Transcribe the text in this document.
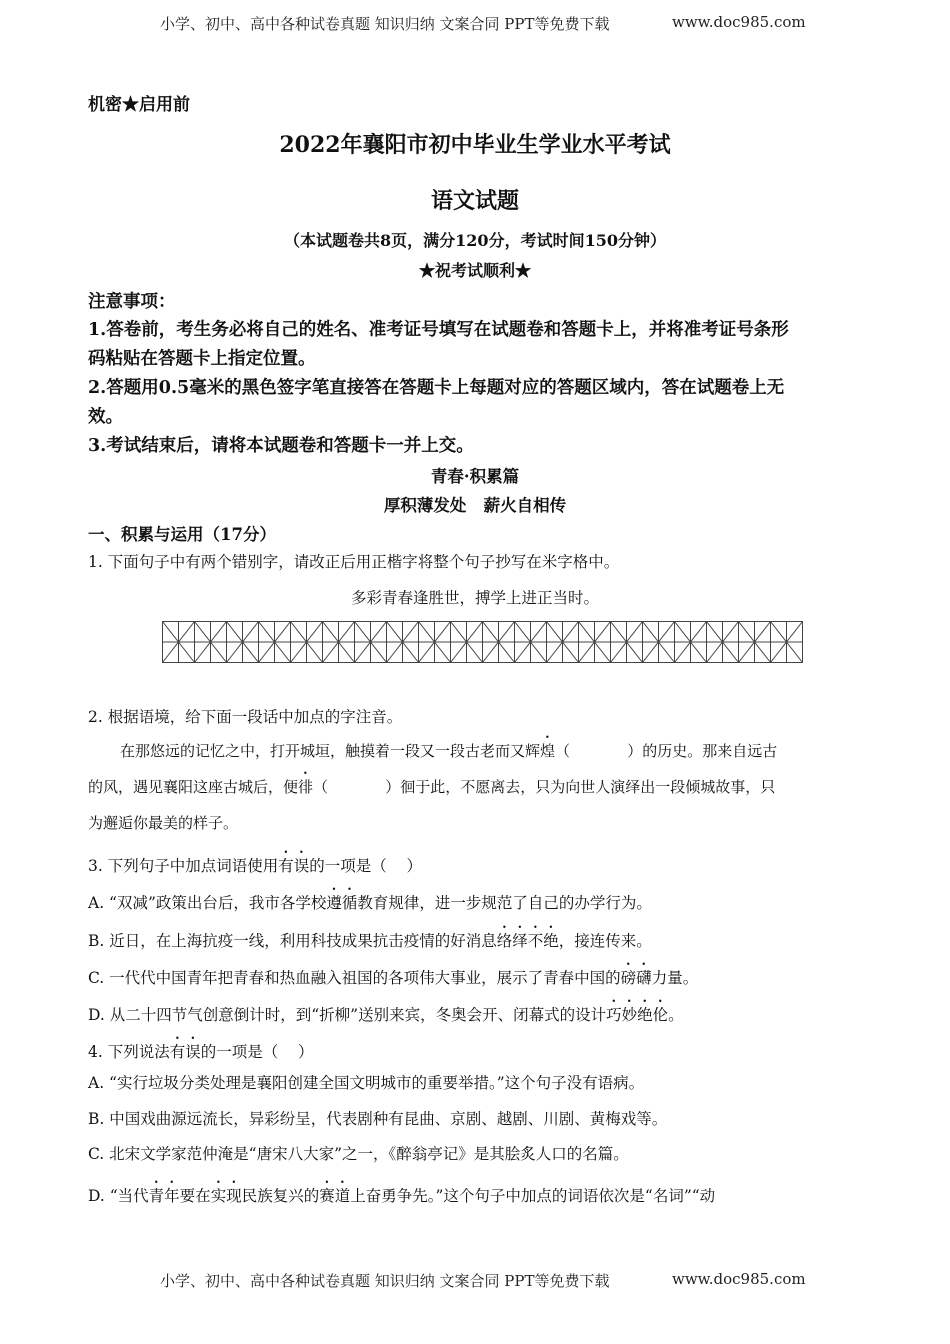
小学、初中、高中各种试卷真题 知识归纳 文案合同 PPT等免费下载	www.doc985.com
机密★启用前
2022年襄阳市初中毕业生学业水平考试
语文试题
（本试题卷共8页，满分120分，考试时间150分钟）
★祝考试顺利★
注意事项：
1.答卷前，考生务必将自己的姓名、准考证号填写在试题卷和答题卡上，并将准考证号条形
码粘贴在答题卡上指定位置。
2.答题用0.5毫米的黑色签字笔直接答在答题卡上每题对应的答题区域内，答在试题卷上无
效。
3.考试结束后，请将本试题卷和答题卡一并上交。
青春·积累篇
厚积薄发处   薪火自相传
一、积累与运用（17分）
1. 下面句子中有两个错别字，请改正后用正楷字将整个句子抄写在米字格中。
多彩青春逢胜世，搏学上进正当时。
2. 根据语境，给下面一段话中加点的字注音。
在那悠远的记忆之中，打开城垣，触摸着一段又一段古老而又辉煌（            ）的历史。那来自远古
的风，遇见襄阳这座古城后，便徘（            ）徊于此，不愿离去，只为向世人演绎出一段倾城故事，只
为邂逅你最美的样子。
3. 下列句子中加点词语使用有误的一项是（    ）
A. “双减”政策出台后，我市各学校遵循教育规律，进一步规范了自己的办学行为。
B. 近日，在上海抗疫一线，利用科技成果抗击疫情的好消息络绎不绝，接连传来。
C. 一代代中国青年把青春和热血融入祖国的各项伟大事业，展示了青春中国的磅礴力量。
D. 从二十四节气创意倒计时，到“折柳”送别来宾，冬奥会开、闭幕式的设计巧妙绝伦。
4. 下列说法有误的一项是（    ）
A. “实行垃圾分类处理是襄阳创建全国文明城市的重要举措。”这个句子没有语病。
B. 中国戏曲源远流长，异彩纷呈，代表剧种有昆曲、京剧、越剧、川剧、黄梅戏等。
C. 北宋文学家范仲淹是“唐宋八大家”之一，《醉翁亭记》是其脍炙人口的名篇。
D. “当代青年要在实现民族复兴的赛道上奋勇争先。”这个句子中加点的词语依次是“名词”“动
小学、初中、高中各种试卷真题 知识归纳 文案合同 PPT等免费下载	www.doc985.com
